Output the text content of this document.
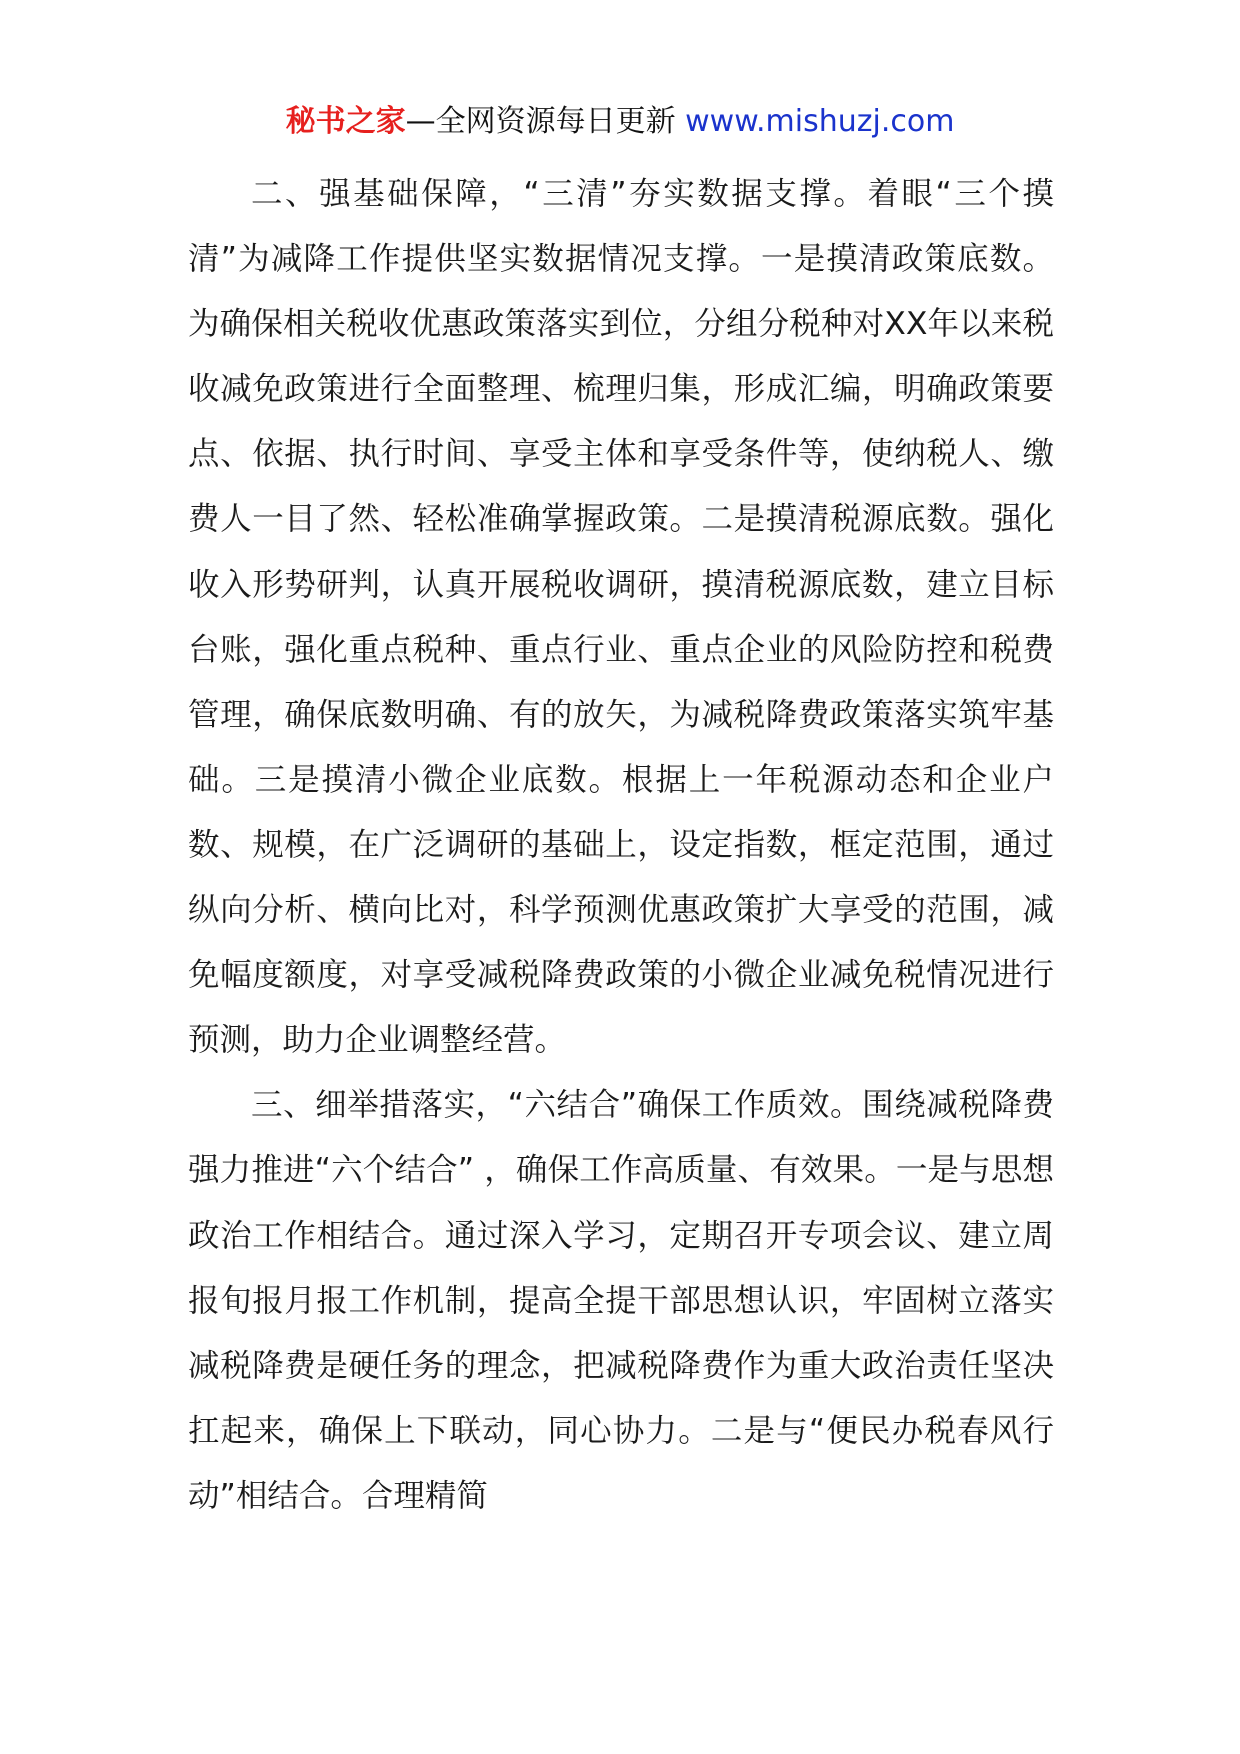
秘书之家—全网资源每日更新 www.mishuzj.com

二、强基础保障，“三清”夯实数据支撑。着眼“三个摸清”为减降工作提供坚实数据情况支撑。一是摸清政策底数。为确保相关税收优惠政策落实到位，分组分税种对XX年以来税收减免政策进行全面整理、梳理归集，形成汇编，明确政策要点、依据、执行时间、享受主体和享受条件等，使纳税人、缴费人一目了然、轻松准确掌握政策。二是摸清税源底数。强化收入形势研判，认真开展税收调研，摸清税源底数，建立目标台账，强化重点税种、重点行业、重点企业的风险防控和税费管理，确保底数明确、有的放矢，为减税降费政策落实筑牢基础。三是摸清小微企业底数。根据上一年税源动态和企业户数、规模，在广泛调研的基础上，设定指数，框定范围，通过纵向分析、横向比对，科学预测优惠政策扩大享受的范围，减免幅度额度，对享受减税降费政策的小微企业减免税情况进行预测，助力企业调整经营。

三、细举措落实，“六结合”确保工作质效。围绕减税降费强力推进“六个结合” ，确保工作高质量、有效果。一是与思想政治工作相结合。通过深入学习，定期召开专项会议、建立周报旬报月报工作机制，提高全提干部思想认识，牢固树立落实减税降费是硬任务的理念，把减税降费作为重大政治责任坚决扛起来，确保上下联动，同心协力。二是与“便民办税春风行动”相结合。合理精简
